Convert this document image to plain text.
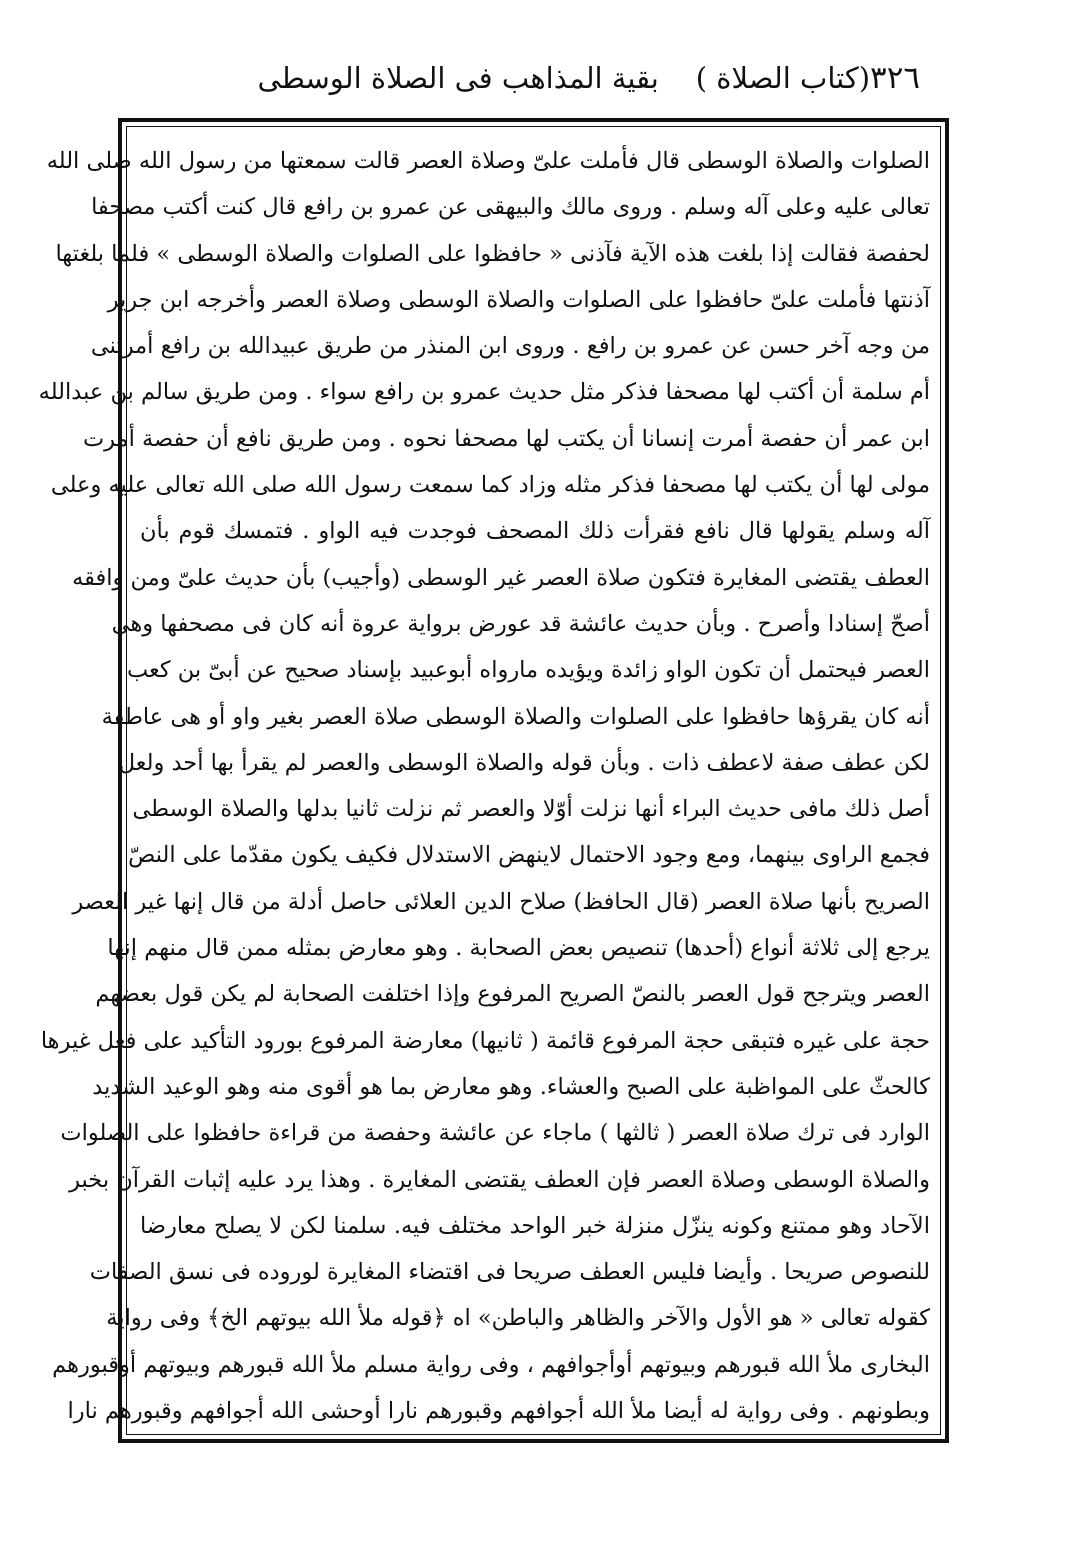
٣٢٦
(كتاب الصلاة )    بقية المذاهب فى الصلاة الوسطى
الصلوات والصلاة الوسطى قال فأملت علىّ وصلاة العصر قالت سمعتها من رسول الله صلى الله
تعالى عليه وعلى آله وسلم . وروى مالك والبيهقى عن عمرو بن رافع قال كنت أكتب مصحفا
لحفصة فقالت إذا بلغت هذه الآية فآذنى « حافظوا على الصلوات والصلاة الوسطى » فلما بلغتها
آذنتها فأملت علىّ حافظوا على الصلوات والصلاة الوسطى وصلاة العصر وأخرجه ابن جرير
من وجه آخر حسن عن عمرو بن رافع . وروى ابن المنذر من طريق عبيدالله بن رافع أمرتنى
أم سلمة أن أكتب لها مصحفا فذكر مثل حديث عمرو بن رافع سواء . ومن طريق سالم بن عبدالله
ابن عمر أن حفصة أمرت إنسانا أن يكتب لها مصحفا نحوه . ومن طريق نافع أن حفصة أمرت
مولى لها أن يكتب لها مصحفا فذكر مثله وزاد كما سمعت رسول الله صلى الله تعالى عليه وعلى
آله وسلم يقولها قال نافع فقرأت ذلك المصحف فوجدت فيه الواو . فتمسك قوم بأن
العطف يقتضى المغايرة فتكون صلاة العصر غير الوسطى (وأجيب) بأن حديث علىّ ومن وافقه
أصحّ إسنادا وأصرح . وبأن حديث عائشة قد عورض برواية عروة أنه كان فى مصحفها وهى
العصر فيحتمل أن تكون الواو زائدة ويؤيده مارواه أبوعبيد بإسناد صحيح عن أبىّ بن كعب
أنه كان يقرؤها حافظوا على الصلوات والصلاة الوسطى صلاة العصر بغير واو أو هى عاطفة
لكن عطف صفة لاعطف ذات . وبأن قوله والصلاة الوسطى والعصر لم يقرأ بها أحد ولعل
أصل ذلك مافى حديث البراء أنها نزلت أوّلا والعصر ثم نزلت ثانيا بدلها والصلاة الوسطى
فجمع الراوى بينهما، ومع وجود الاحتمال لاينهض الاستدلال فكيف يكون مقدّما على النصّ
الصريح بأنها صلاة العصر (قال الحافظ) صلاح الدين العلائى حاصل أدلة من قال إنها غير العصر
يرجع إلى ثلاثة أنواع (أحدها) تنصيص بعض الصحابة . وهو معارض بمثله ممن قال منهم إنها
العصر ويترجح قول العصر بالنصّ الصريح المرفوع وإذا اختلفت الصحابة لم يكن قول بعضهم
حجة على غيره فتبقى حجة المرفوع قائمة ( ثانيها) معارضة المرفوع بورود التأكيد على فعل غيرها
كالحثّ على المواظبة على الصبح والعشاء. وهو معارض بما هو أقوى منه وهو الوعيد الشديد
الوارد فى ترك صلاة العصر ( ثالثها ) ماجاء عن عائشة وحفصة من قراءة حافظوا على الصلوات
والصلاة الوسطى وصلاة العصر فإن العطف يقتضى المغايرة . وهذا يرد عليه إثبات القرآن بخبر
الآحاد وهو ممتنع وكونه ينزّل منزلة خبر الواحد مختلف فيه. سلمنا لكن لا يصلح معارضا
للنصوص صريحا . وأيضا فليس العطف صريحا فى اقتضاء المغايرة لوروده فى نسق الصفات
كقوله تعالى « هو الأول والآخر والظاهر والباطن» اه ﴿قوله ملأ الله بيوتهم الخ﴾ وفى رواية
البخارى ملأ الله قبورهم وبيوتهم أوأجوافهم ، وفى رواية مسلم ملأ الله قبورهم وبيوتهم أوقبورهم
وبطونهم . وفى رواية له أيضا ملأ الله أجوافهم وقبورهم نارا أوحشى الله أجوافهم وقبورهم نارا
